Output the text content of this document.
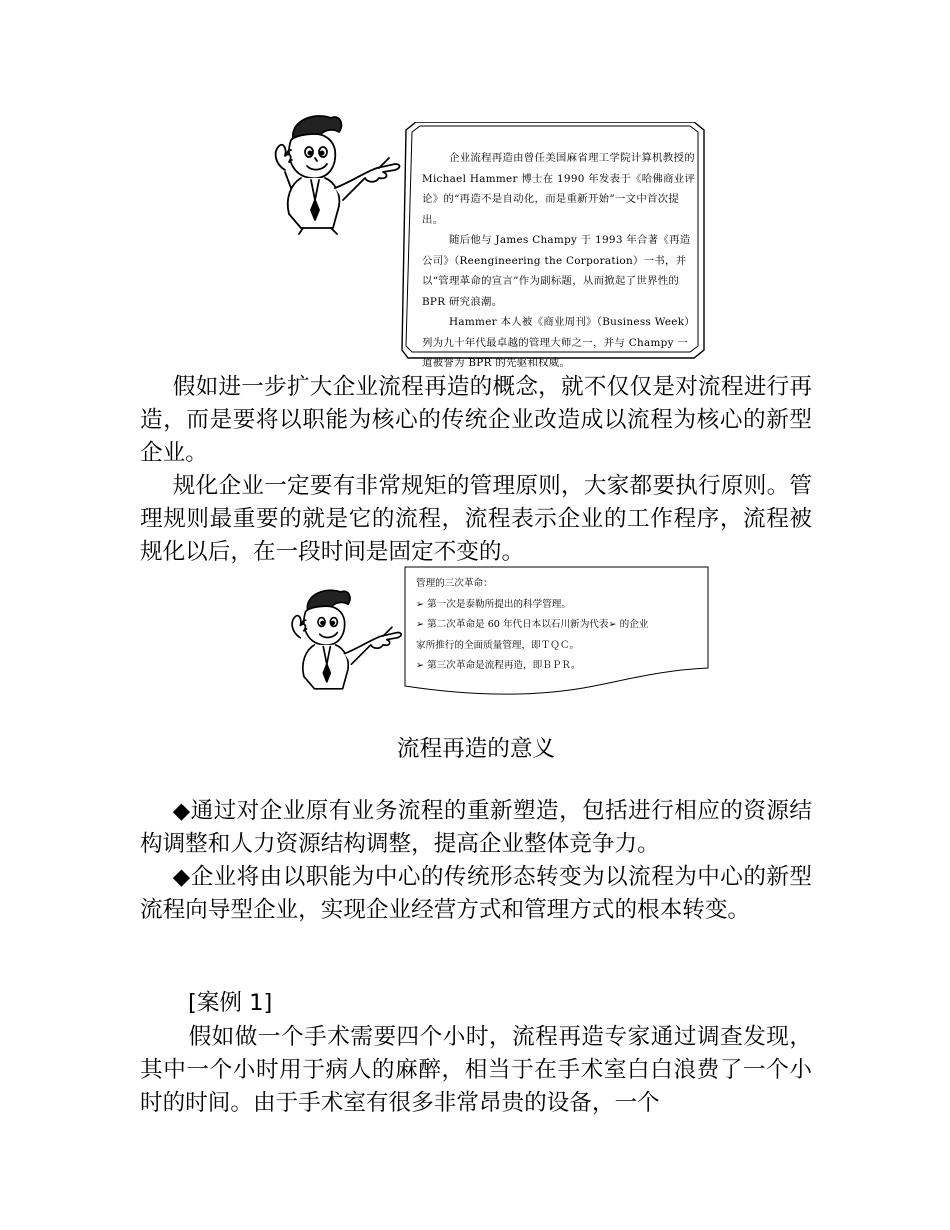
企业流程再造由曾任美国麻省理工学院计算机教授的 Michael Hammer 博士在 1990 年发表于《哈佛商业评论》的“再造不是自动化，而是重新开始”一文中首次提出。

随后他与 James Champy 于 1993 年合著《再造公司》（Reengineering the Corporation）一书，并以“管理革命的宣言”作为副标题，从而掀起了世界性的 BPR 研究浪潮。

Hammer 本人被《商业周刊》（Business Week）列为九十年代最卓越的管理大师之一，并与 Champy 一道被誉为 BPR 的先驱和权威。

假如进一步扩大企业流程再造的概念，就不仅仅是对流程进行再造，而是要将以职能为核心的传统企业改造成以流程为核心的新型企业。

规化企业一定要有非常规矩的管理原则，大家都要执行原则。管理规则最重要的就是它的流程，流程表示企业的工作程序，流程被规化以后，在一段时间是固定不变的。

管理的三次革命：
➢ 第一次是泰勒所提出的科学管理。
➢ 第二次革命是 60 年代日本以石川新为代表➢ 的企业
家所推行的全面质量管理，即ＴＱＣ。
➢ 第三次革命是流程再造，即ＢＰＲ。
流程再造的意义

◆通过对企业原有业务流程的重新塑造，包括进行相应的资源结构调整和人力资源结构调整，提高企业整体竞争力。

◆企业将由以职能为中心的传统形态转变为以流程为中心的新型流程向导型企业，实现企业经营方式和管理方式的根本转变。

[案例 1]

假如做一个手术需要四个小时，流程再造专家通过调查发现，其中一个小时用于病人的麻醉，相当于在手术室白白浪费了一个小时的时间。由于手术室有很多非常昂贵的设备，一个
